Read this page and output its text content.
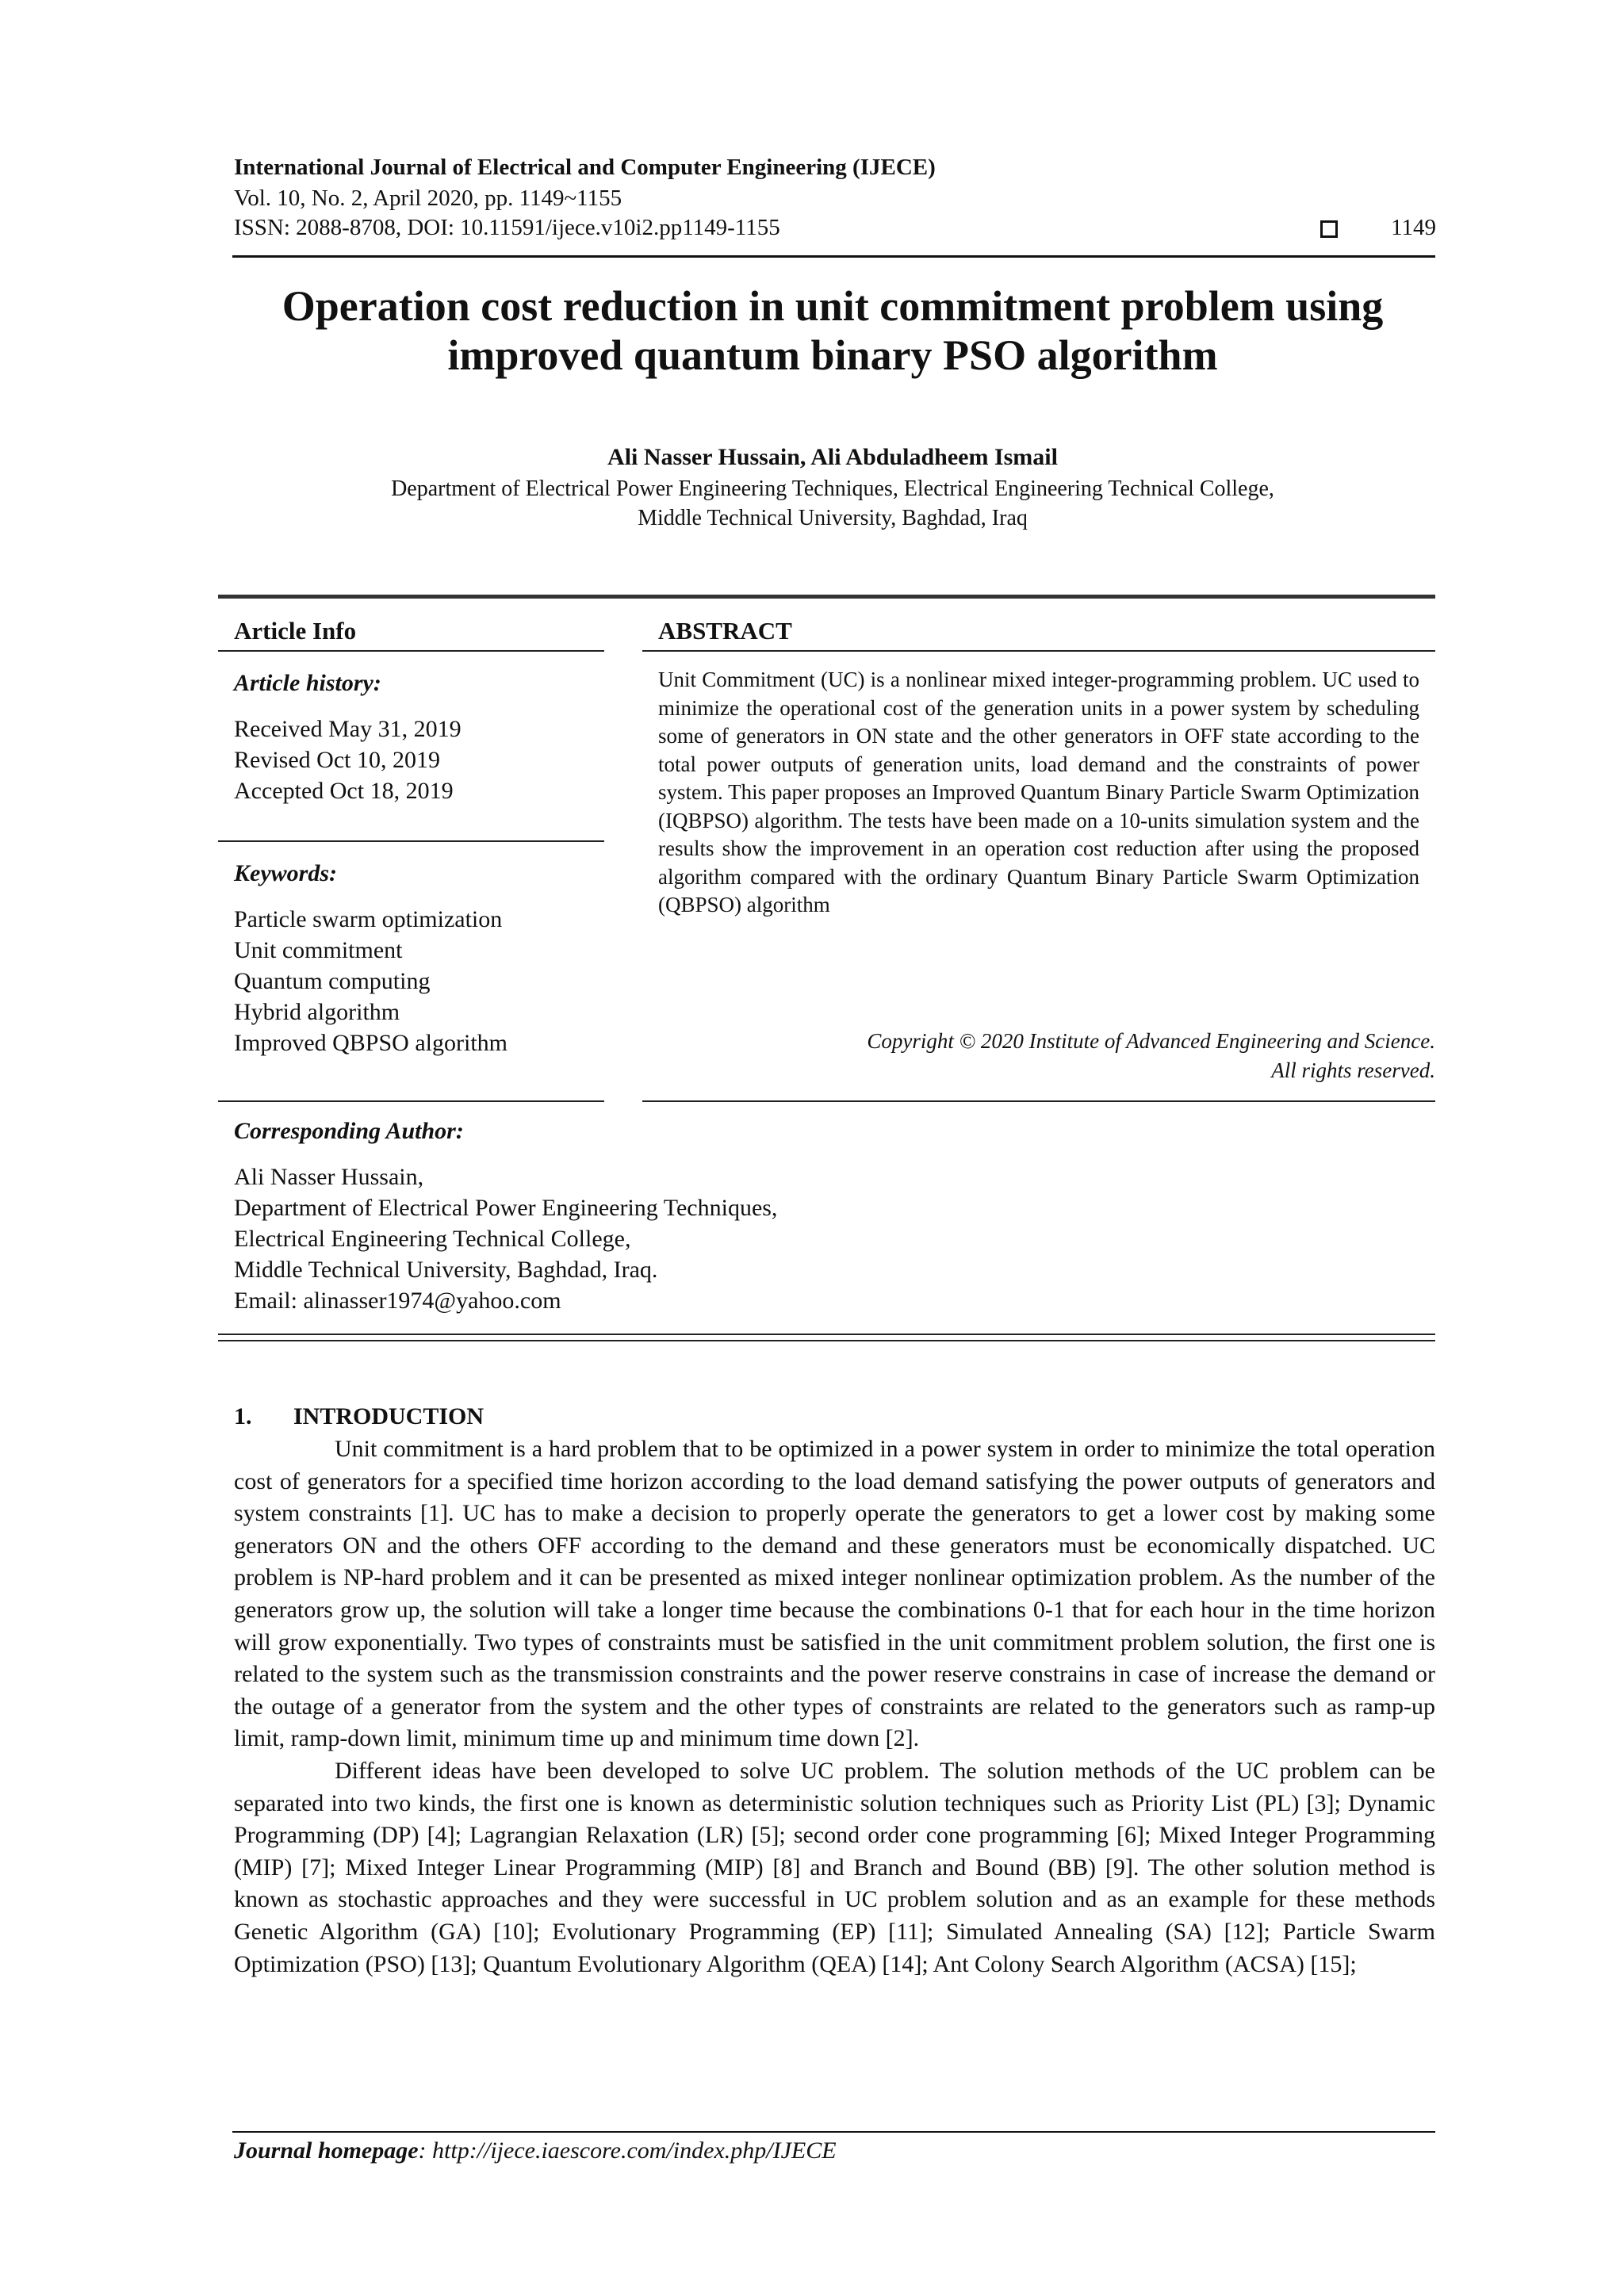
International Journal of Electrical and Computer Engineering (IJECE)
Vol. 10, No. 2, April 2020, pp. 1149~1155
ISSN: 2088-8708, DOI: 10.11591/ijece.v10i2.pp1149-1155	1149
Operation cost reduction in unit commitment problem using
improved quantum binary PSO algorithm
Ali Nasser Hussain, Ali Abduladheem Ismail
Department of Electrical Power Engineering Techniques, Electrical Engineering Technical College,
Middle Technical University, Baghdad, Iraq
Article Info
Article history:
Received May 31, 2019
Revised Oct 10, 2019
Accepted Oct 18, 2019
Keywords:
Particle swarm optimization
Unit commitment
Quantum computing
Hybrid algorithm
Improved QBPSO algorithm
ABSTRACT
Unit Commitment (UC) is a nonlinear mixed integer-programming problem. UC used to minimize the operational cost of the generation units in a power system by scheduling some of generators in ON state and the other generators in OFF state according to the total power outputs of generation units, load demand and the constraints of power system. This paper proposes an Improved Quantum Binary Particle Swarm Optimization (IQBPSO) algorithm. The tests have been made on a 10-units simulation system and the results show the improvement in an operation cost reduction after using the proposed algorithm compared with the ordinary Quantum Binary Particle Swarm Optimization (QBPSO) algorithm
Copyright © 2020 Institute of Advanced Engineering and Science.
All rights reserved.
Corresponding Author:
Ali Nasser Hussain,
Department of Electrical Power Engineering Techniques,
Electrical Engineering Technical College,
Middle Technical University, Baghdad, Iraq.
Email: alinasser1974@yahoo.com
1. INTRODUCTION

Unit commitment is a hard problem that to be optimized in a power system in order to minimize the total operation cost of generators for a specified time horizon according to the load demand satisfying the power outputs of generators and system constraints [1]. UC has to make a decision to properly operate the generators to get a lower cost by making some generators ON and the others OFF according to the demand and these generators must be economically dispatched. UC problem is NP-hard problem and it can be presented as mixed integer nonlinear optimization problem. As the number of the generators grow up, the solution will take a longer time because the combinations 0-1 that for each hour in the time horizon will grow exponentially. Two types of constraints must be satisfied in the unit commitment problem solution, the first one is related to the system such as the transmission constraints and the power reserve constrains in case of increase the demand or the outage of a generator from the system and the other types of constraints are related to the generators such as ramp-up limit, ramp-down limit, minimum time up and minimum time down [2].

Different ideas have been developed to solve UC problem. The solution methods of the UC problem can be separated into two kinds, the first one is known as deterministic solution techniques such as Priority List (PL) [3]; Dynamic Programming (DP) [4]; Lagrangian Relaxation (LR) [5]; second order cone programming [6]; Mixed Integer Programming (MIP) [7]; Mixed Integer Linear Programming (MIP) [8] and Branch and Bound (BB) [9]. The other solution method is known as stochastic approaches and they were successful in UC problem solution and as an example for these methods Genetic Algorithm (GA) [10]; Evolutionary Programming (EP) [11]; Simulated Annealing (SA) [12]; Particle Swarm Optimization (PSO) [13]; Quantum Evolutionary Algorithm (QEA) [14]; Ant Colony Search Algorithm (ACSA) [15];

Journal homepage: http://ijece.iaescore.com/index.php/IJECE
